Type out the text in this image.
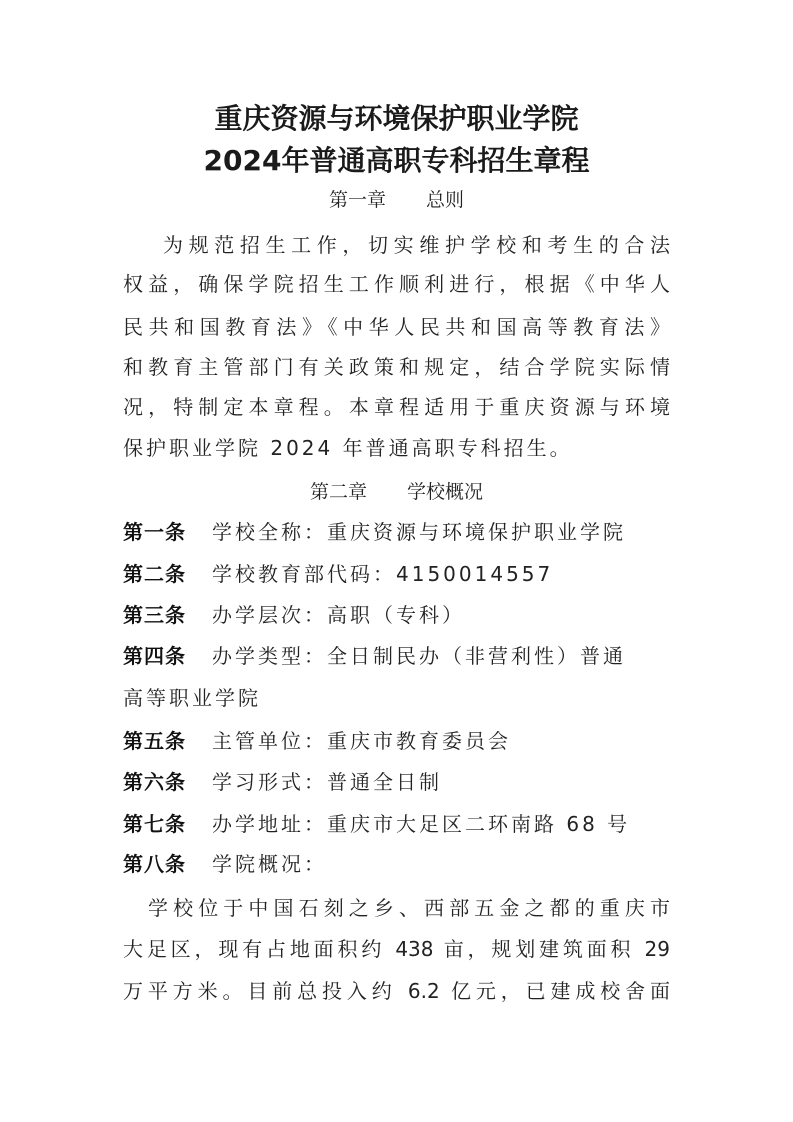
重庆资源与环境保护职业学院
2024年普通高职专科招生章程
第一章 总则
为规范招生工作，切实维护学校和考生的合法
权益，确保学院招生工作顺利进行，根据《中华人
民共和国教育法》《中华人民共和国高等教育法》
和教育主管部门有关政策和规定，结合学院实际情
况，特制定本章程。本章程适用于重庆资源与环境
保护职业学院 2024 年普通高职专科招生。
第二章 学校概况
第一条 学校全称：重庆资源与环境保护职业学院
第二条 学校教育部代码：4150014557
第三条 办学层次：高职（专科）
第四条 办学类型：全日制民办（非营利性）普通
高等职业学院
第五条 主管单位：重庆市教育委员会
第六条 学习形式：普通全日制
第七条 办学地址：重庆市大足区二环南路 68 号
第八条 学院概况：
学校位于中国石刻之乡、西部五金之都的重庆市
大足区，现有占地面积约 438 亩，规划建筑面积 29
万平方米。目前总投入约 6.2 亿元，已建成校舍面
